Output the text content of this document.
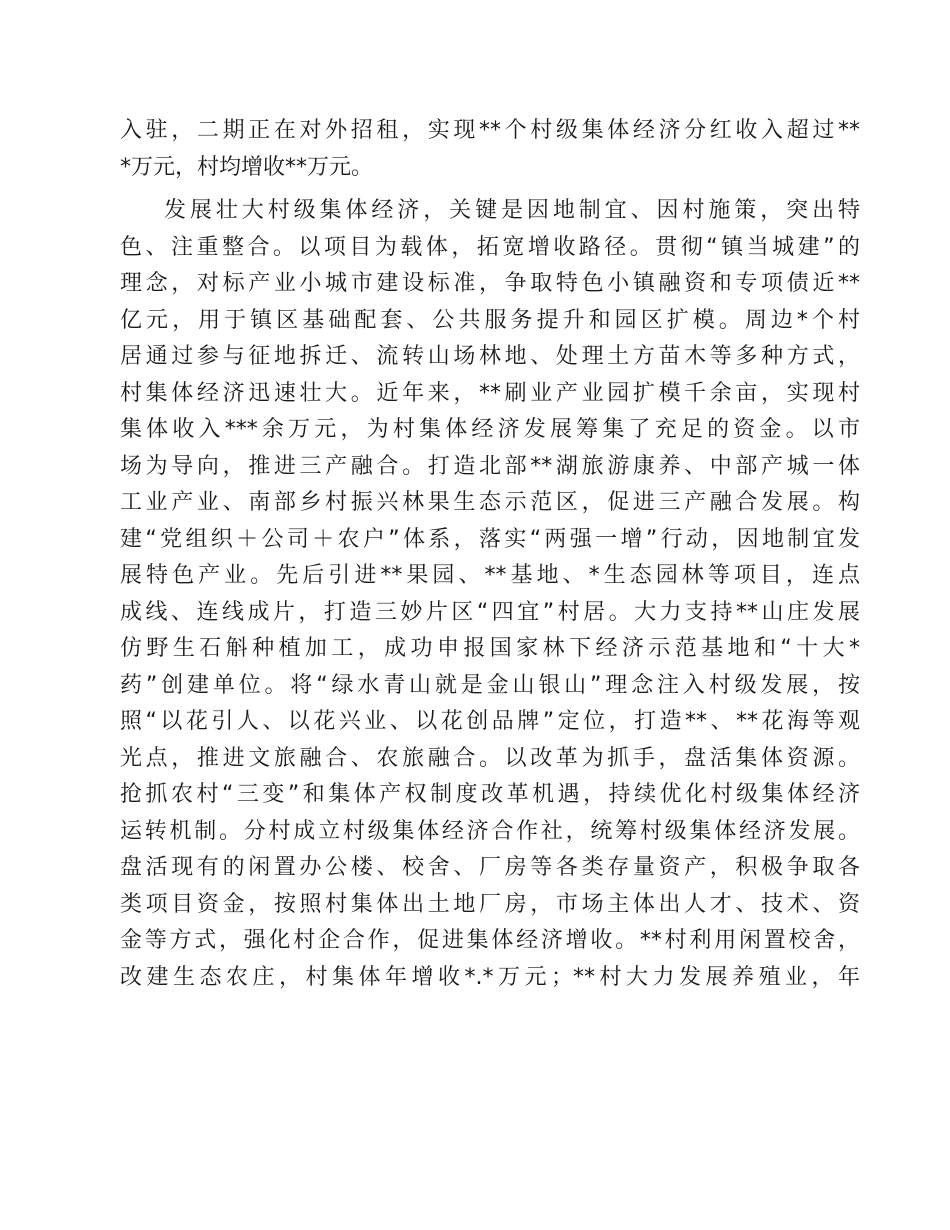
入驻，二期正在对外招租，实现**个村级集体经济分红收入超过**
*万元，村均增收**万元。
发展壮大村级集体经济，关键是因地制宜、因村施策，突出特
色、注重整合。以项目为载体，拓宽增收路径。贯彻“镇当城建”的
理念，对标产业小城市建设标准，争取特色小镇融资和专项债近**
亿元，用于镇区基础配套、公共服务提升和园区扩模。周边*个村
居通过参与征地拆迁、流转山场林地、处理土方苗木等多种方式，
村集体经济迅速壮大。近年来，**刷业产业园扩模千余亩，实现村
集体收入***余万元，为村集体经济发展筹集了充足的资金。以市
场为导向，推进三产融合。打造北部**湖旅游康养、中部产城一体
工业产业、南部乡村振兴林果生态示范区，促进三产融合发展。构
建“党组织＋公司＋农户”体系，落实“两强一增”行动，因地制宜发
展特色产业。先后引进**果园、**基地、*生态园林等项目，连点
成线、连线成片，打造三妙片区“四宜”村居。大力支持**山庄发展
仿野生石斛种植加工，成功申报国家林下经济示范基地和“十大*
药”创建单位。将“绿水青山就是金山银山”理念注入村级发展，按
照“以花引人、以花兴业、以花创品牌”定位，打造**、**花海等观
光点，推进文旅融合、农旅融合。以改革为抓手，盘活集体资源。
抢抓农村“三变”和集体产权制度改革机遇，持续优化村级集体经济
运转机制。分村成立村级集体经济合作社，统筹村级集体经济发展。
盘活现有的闲置办公楼、校舍、厂房等各类存量资产，积极争取各
类项目资金，按照村集体出土地厂房，市场主体出人才、技术、资
金等方式，强化村企合作，促进集体经济增收。**村利用闲置校舍，
改建生态农庄，村集体年增收*.*万元；**村大力发展养殖业，年
